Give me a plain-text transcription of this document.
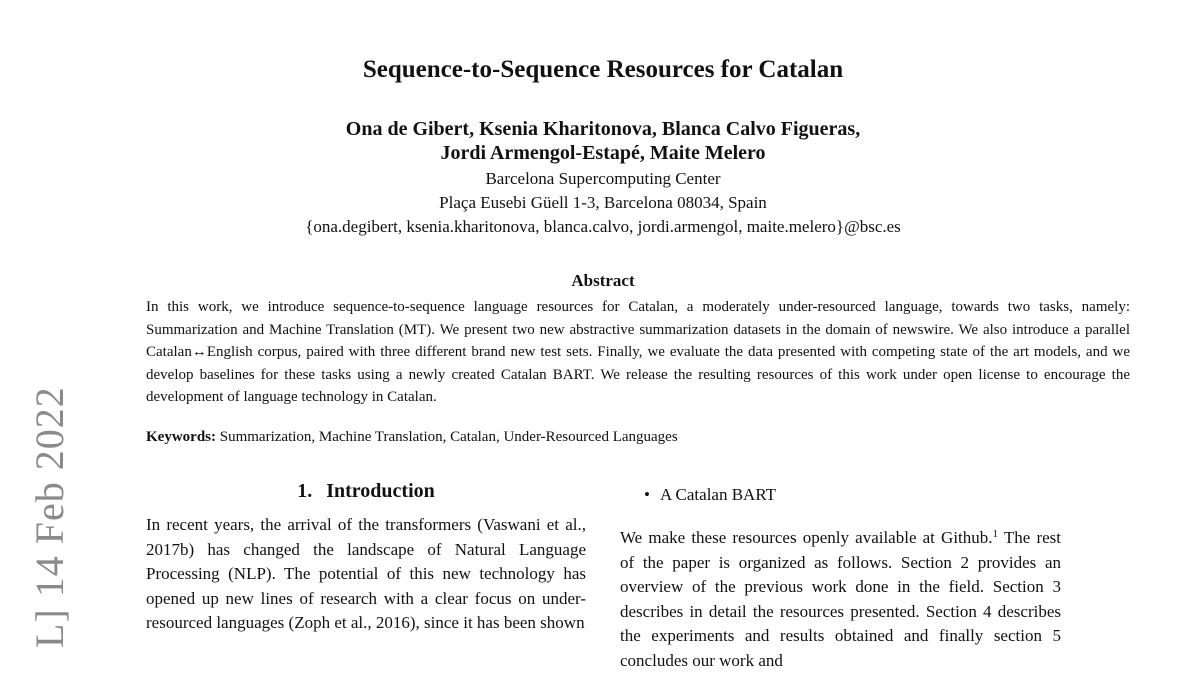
L] 14 Feb 2022
Sequence-to-Sequence Resources for Catalan
Ona de Gibert, Ksenia Kharitonova, Blanca Calvo Figueras,
Jordi Armengol-Estapé, Maite Melero
Barcelona Supercomputing Center
Plaça Eusebi Güell 1-3, Barcelona 08034, Spain
{ona.degibert, ksenia.kharitonova, blanca.calvo, jordi.armengol, maite.melero}@bsc.es
Abstract
In this work, we introduce sequence-to-sequence language resources for Catalan, a moderately under-resourced language, towards two tasks, namely: Summarization and Machine Translation (MT). We present two new abstractive summarization datasets in the domain of newswire. We also introduce a parallel Catalan↔English corpus, paired with three different brand new test sets. Finally, we evaluate the data presented with competing state of the art models, and we develop baselines for these tasks using a newly created Catalan BART. We release the resulting resources of this work under open license to encourage the development of language technology in Catalan.
Keywords: Summarization, Machine Translation, Catalan, Under-Resourced Languages
1. Introduction
In recent years, the arrival of the transformers (Vaswani et al., 2017b) has changed the landscape of Natural Language Processing (NLP). The potential of this new technology has opened up new lines of research with a clear focus on under-resourced languages (Zoph et al., 2016), since it has been shown
• A Catalan BART
We make these resources openly available at Github.$^1$ The rest of the paper is organized as follows. Section 2 provides an overview of the previous work done in the field. Section 3 describes in detail the resources presented. Section 4 describes the experiments and results obtained and finally section 5 concludes our work and
